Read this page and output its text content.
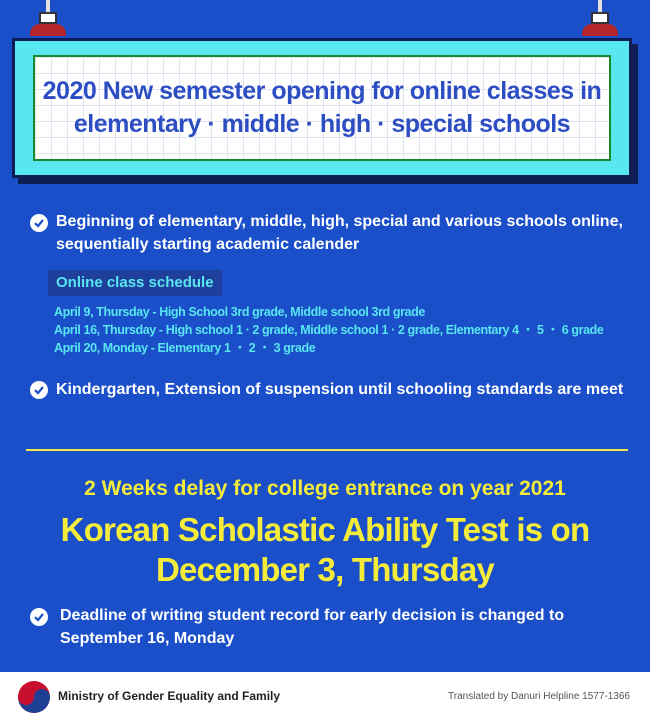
2020 New semester opening for online classes in
elementary · middle · high · special schools
Beginning of elementary, middle, high, special and various schools online,
sequentially starting academic calender
Online class schedule
April 9, Thursday - High School 3rd grade, Middle school 3rd grade
April 16, Thursday - High school 1 · 2 grade, Middle school 1 · 2 grade, Elementary 4 ・ 5 ・ 6 grade
April 20, Monday - Elementary 1 ・ 2 ・ 3 grade
Kindergarten, Extension of suspension until schooling standards are meet
2 Weeks delay for college entrance on year 2021
Korean Scholastic Ability Test is on
December 3, Thursday
Deadline of writing student record for early decision is changed to
September 16, Monday
Ministry of Gender Equality and Family	Translated by Danuri Helpline 1577-1366
